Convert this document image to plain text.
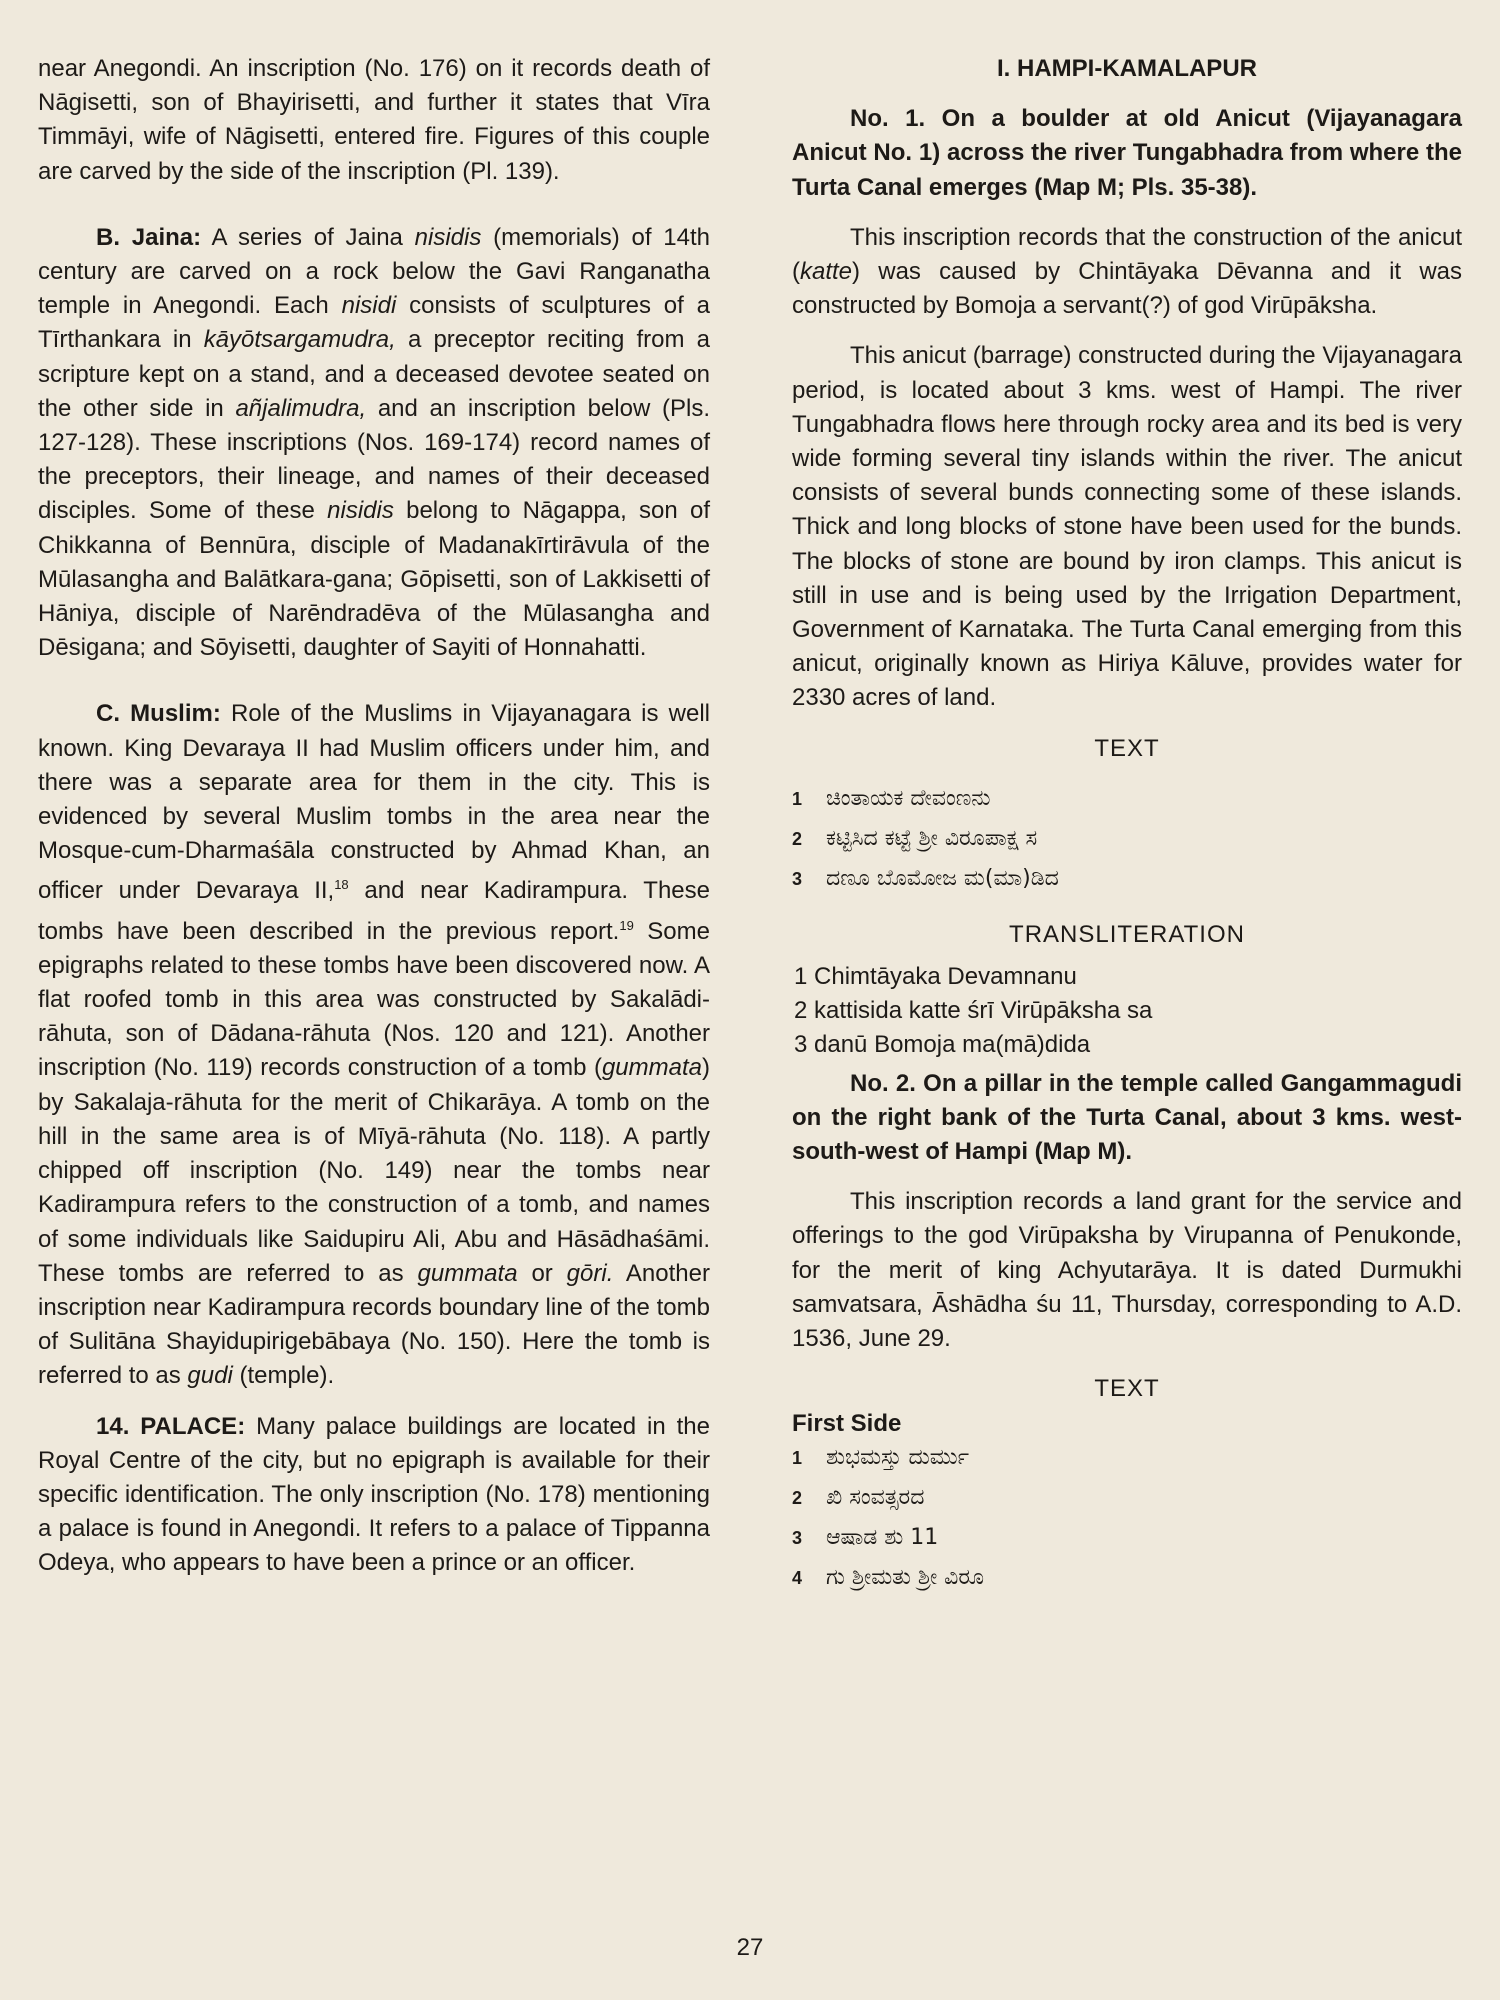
near Anegondi. An inscription (No. 176) on it records death of Nāgisetti, son of Bhayirisetti, and further it states that Vīra Timmāyi, wife of Nāgisetti, entered fire. Figures of this couple are carved by the side of the inscription (Pl. 139).

B. Jaina: A series of Jaina nisidis (memorials) of 14th century are carved on a rock below the Gavi Ranganatha temple in Anegondi. Each nisidi consists of sculptures of a Tīrthankara in kāyōtsargamudra, a preceptor reciting from a scripture kept on a stand, and a deceased devotee seated on the other side in añjalimudra, and an inscription below (Pls. 127-128). These inscriptions (Nos. 169-174) record names of the preceptors, their lineage, and names of their deceased disciples. Some of these nisidis belong to Nāgappa, son of Chikkanna of Bennūra, disciple of Madanakīrtirāvula of the Mūlasangha and Balātkara-gana; Gōpisetti, son of Lakkisetti of Hāniya, disciple of Narēndradēva of the Mūlasangha and Dēsigana; and Sōyisetti, daughter of Sayiti of Honnahatti.

C. Muslim: Role of the Muslims in Vijayanagara is well known. King Devaraya II had Muslim officers under him, and there was a separate area for them in the city. This is evidenced by several Muslim tombs in the area near the Mosque-cum-Dharmaśāla constructed by Ahmad Khan, an officer under Devaraya II,$^{18}$ and near Kadirampura. These tombs have been described in the previous report.$^{19}$ Some epigraphs related to these tombs have been discovered now. A flat roofed tomb in this area was constructed by Sakalādi-rāhuta, son of Dādana-rāhuta (Nos. 120 and 121). Another inscription (No. 119) records construction of a tomb (gummata) by Sakalaja-rāhuta for the merit of Chikarāya. A tomb on the hill in the same area is of Mīyā-rāhuta (No. 118). A partly chipped off inscription (No. 149) near the tombs near Kadirampura refers to the construction of a tomb, and names of some individuals like Saidupiru Ali, Abu and Hāsādhaśāmi. These tombs are referred to as gummata or gōri. Another inscription near Kadirampura records boundary line of the tomb of Sulitāna Shayidupirigebābaya (No. 150). Here the tomb is referred to as gudi (temple).

14. PALACE: Many palace buildings are located in the Royal Centre of the city, but no epigraph is available for their specific identification. The only inscription (No. 178) mentioning a palace is found in Anegondi. It refers to a palace of Tippanna Odeya, who appears to have been a prince or an officer.

I. HAMPI-KAMALAPUR

No. 1. On a boulder at old Anicut (Vijayanagara Anicut No. 1) across the river Tungabhadra from where the Turta Canal emerges (Map M; Pls. 35-38).

This inscription records that the construction of the anicut (katte) was caused by Chintāyaka Dēvanna and it was constructed by Bomoja a servant(?) of god Virūpāksha.

This anicut (barrage) constructed during the Vijayanagara period, is located about 3 kms. west of Hampi. The river Tungabhadra flows here through rocky area and its bed is very wide forming several tiny islands within the river. The anicut consists of several bunds connecting some of these islands. Thick and long blocks of stone have been used for the bunds. The blocks of stone are bound by iron clamps. This anicut is still in use and is being used by the Irrigation Department, Government of Karnataka. The Turta Canal emerging from this anicut, originally known as Hiriya Kāluve, provides water for 2330 acres of land.

TEXT
1	ಚಿಂತಾಯಕ ದೇವಂಣನು
2	ಕಟ್ಟಿಸಿದ ಕಟ್ಟೆ ಶ್ರೀ ವಿರೂಪಾಕ್ಷ ಸ
3	ದಣೂ ಬೊಮೋಜ ಮ(ಮಾ)ಡಿದ
TRANSLITERATION
1 Chimtāyaka Devamnanu
2 kattisida katte śrī Virūpāksha sa
3 danū Bomoja ma(mā)dida

No. 2. On a pillar in the temple called Gangammagudi on the right bank of the Turta Canal, about 3 kms. west-south-west of Hampi (Map M).

This inscription records a land grant for the service and offerings to the god Virūpaksha by Virupanna of Penukonde, for the merit of king Achyutarāya. It is dated Durmukhi samvatsara, Āshādha śu 11, Thursday, corresponding to A.D. 1536, June 29.

TEXT
First Side
1	ಶುಭಮಸ್ತು ದುರ್ಮು
2	ಖಿ ಸಂವತ್ಸರದ
3	ಆಷಾಡ ಶು 11
4	ಗು ಶ್ರೀಮತು ಶ್ರೀ ವಿರೂ
27
